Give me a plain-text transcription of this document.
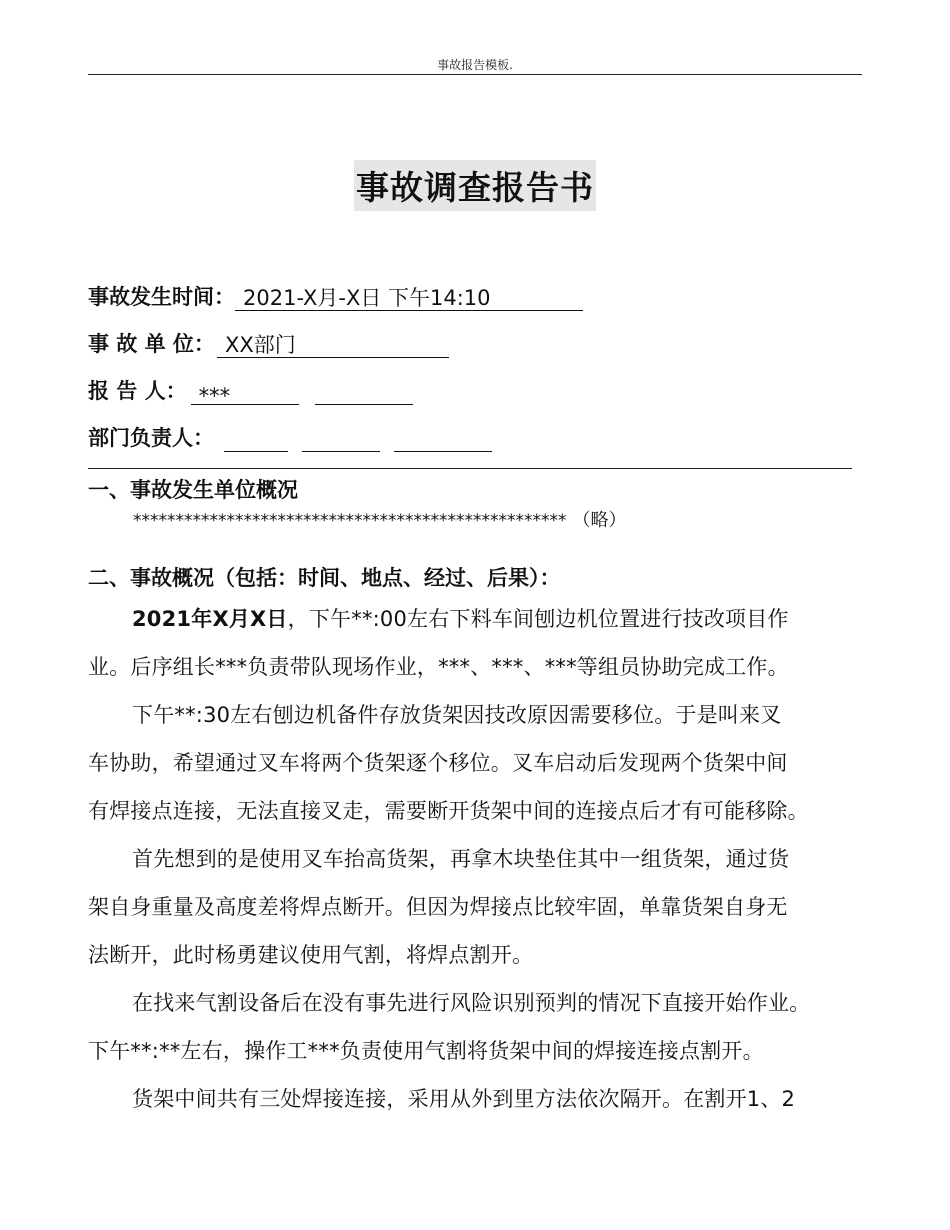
事故报告模板.
事故调查报告书
事故发生时间： 2021-X月-X日 下午14:10
事 故 单 位： XX部门
报 告 人： ***
部门负责人：
一、事故发生单位概况
*************************************************** （略）
二、事故概况（包括：时间、地点、经过、后果）：
2021年X月X日，下午**:00左右下料车间刨边机位置进行技改项目作
业。后序组长***负责带队现场作业，***、***、***等组员协助完成工作。
下午**:30左右刨边机备件存放货架因技改原因需要移位。于是叫来叉
车协助，希望通过叉车将两个货架逐个移位。叉车启动后发现两个货架中间
有焊接点连接，无法直接叉走，需要断开货架中间的连接点后才有可能移除。
首先想到的是使用叉车抬高货架，再拿木块垫住其中一组货架，通过货
架自身重量及高度差将焊点断开。但因为焊接点比较牢固，单靠货架自身无
法断开，此时杨勇建议使用气割，将焊点割开。
在找来气割设备后在没有事先进行风险识别预判的情况下直接开始作业。
下午**:**左右，操作工***负责使用气割将货架中间的焊接连接点割开。
货架中间共有三处焊接连接，采用从外到里方法依次隔开。在割开1、2
